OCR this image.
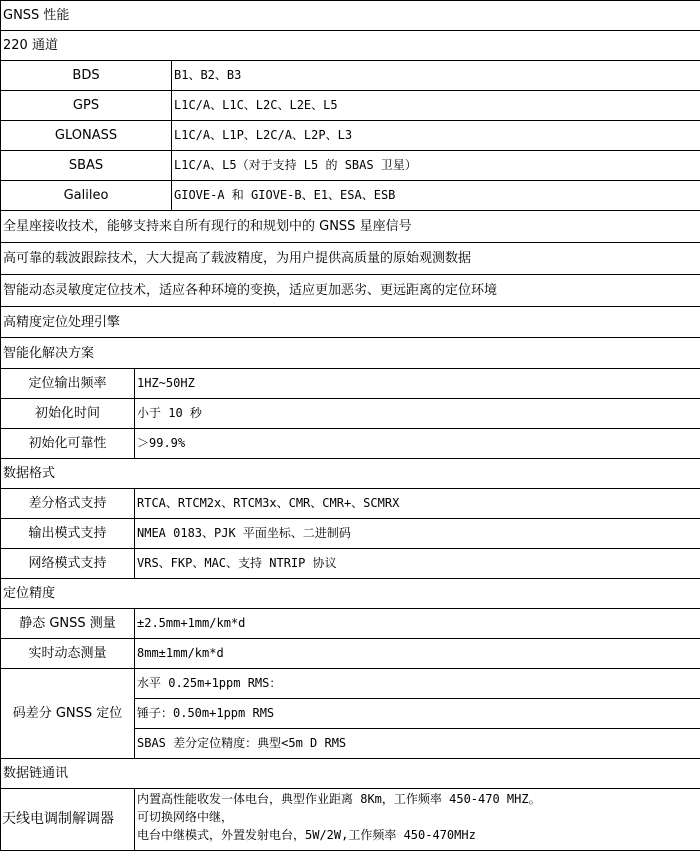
GNSS 性能		
220 通道		
BDS		B1、B2、B3
GPS		L1C/A、L1C、L2C、L2E、L5
GLONASS		L1C/A、L1P、L2C/A、L2P、L3
SBAS		L1C/A、L5（对于支持 L5 的 SBAS 卫星）
Galileo		GIOVE-A 和 GIOVE-B、E1、ESA、ESB
全星座接收技术，能够支持来自所有现行的和规划中的 GNSS 星座信号		
高可靠的载波跟踪技术，大大提高了载波精度，为用户提供高质量的原始观测数据		
智能动态灵敏度定位技术，适应各种环境的变换，适应更加恶劣、更远距离的定位环境		
高精度定位处理引擎		
智能化解决方案		
定位输出频率	1HZ~50HZ	
初始化时间	小于 10 秒	
初始化可靠性	＞99.9%	
数据格式		
差分格式支持	RTCA、RTCM2x、RTCM3x、CMR、CMR+、SCMRX	
输出模式支持	NMEA 0183、PJK 平面坐标、二进制码	
网络模式支持	VRS、FKP、MAC、支持 NTRIP 协议	
定位精度		
静态 GNSS 测量	±2.5mm+1mm/km*d	
实时动态测量	8mm±1mm/km*d	
码差分 GNSS 定位	水平 0.25m+1ppm RMS：	
	锤子：0.50m+1ppm RMS	
	SBAS 差分定位精度：典型<5m D RMS	
数据链通讯		
天线电调制解调器	内置高性能收发一体电台，典型作业距离 8Km，工作频率 450-470 MHZ。
可切换网络中继，
电台中继模式，外置发射电台，5W/2W,工作频率 450-470MHz	
